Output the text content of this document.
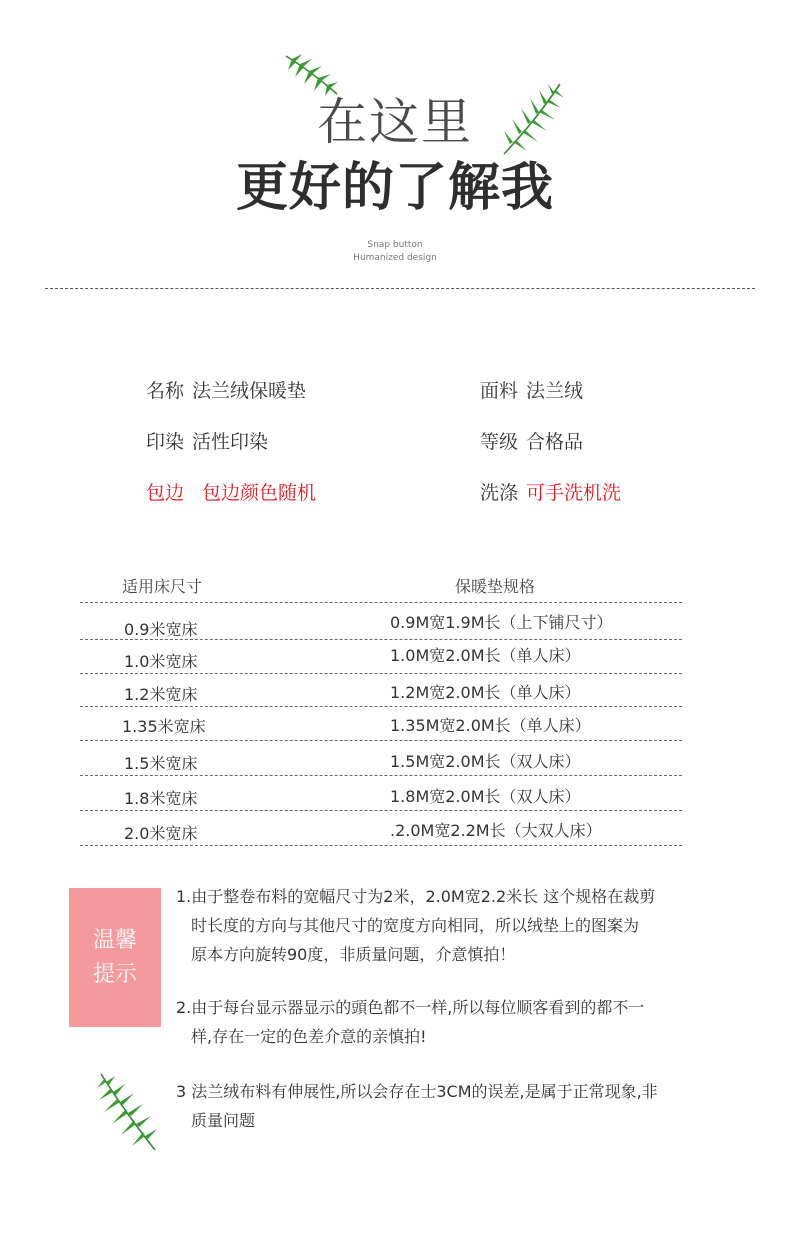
在这里
更好的了解我
Snap button
Humanized design
名称 法兰绒保暖垫	面料 法兰绒
印染 活性印染	等级 合格品
包边 包边颜色随机	洗涤 可手洗机洗
适用床尺寸	保暖垫规格
0.9米宽床	0.9M宽1.9M长（上下铺尺寸）
1.0米宽床	1.0M宽2.0M长（单人床）
1.2米宽床	1.2M宽2.0M长（单人床）
1.35米宽床	1.35M宽2.0M长（单人床）
1.5米宽床	1.5M宽2.0M长（双人床）
1.8米宽床	1.8M宽2.0M长（双人床）
2.0米宽床	.2.0M宽2.2M长（大双人床）
温馨
提示
1.由于整卷布料的宽幅尺寸为2米，2.0M宽2.2米长 这个规格在裁剪
时长度的方向与其他尺寸的宽度方向相同，所以绒垫上的图案为
原本方向旋转90度，非质量问题，介意慎拍！
2.由于每台显示器显示的頭色都不一样,所以每位顺客看到的都不一
样,存在一定的色差介意的亲慎拍!
3 法兰绒布料有伸展性,所以会存在士3CM的误差,是属于正常现象,非
质量问题
